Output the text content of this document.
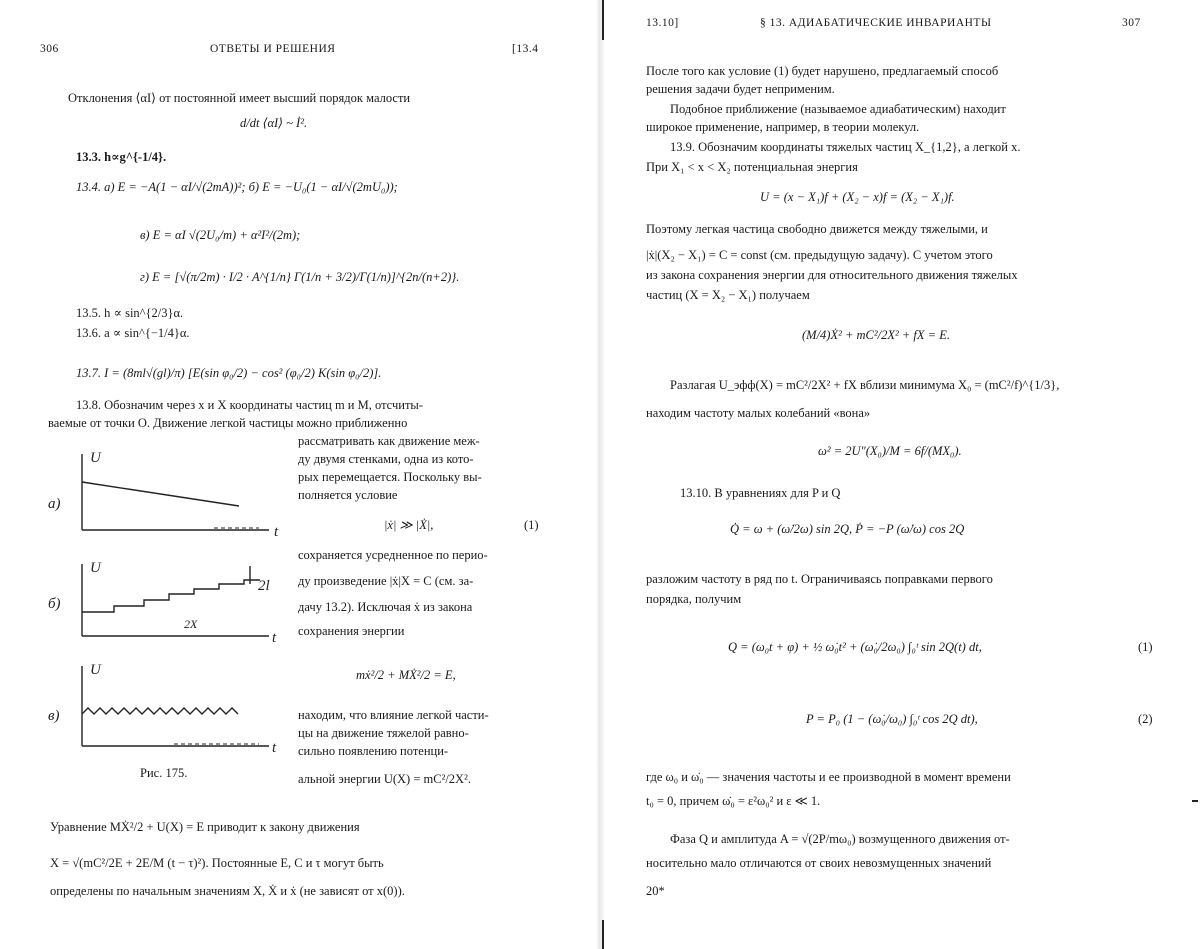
306	ОТВЕТЫ И РЕШЕНИЯ	[13.4
Отклонения ⟨αI⟩ от постоянной имеет высший порядок малости
d/dt ⟨αI⟩ ~ İ².
13.3. h∝g^{-1/4}.
13.4. а) E = −A(1 − αI/√(2mA))²; б) E = −U₀(1 − αI/√(2mU₀));
в) E = αI √(2U₀/m) + α²I²/(2m);
г) E = [√(π/2m) · I/2 · A^{1/n} Γ(1/n + 3/2)/Γ(1/n)]^{2n/(n+2)}.
13.5. h ∝ sin^{2/3}α.
13.6. a ∝ sin^{−1/4}α.
13.7. I = (8ml√(gl)/π) [E(sin φ₀/2) − cos² (φ₀/2) K(sin φ₀/2)].
13.8. Обозначим через x и X координаты частиц m и M, отсчиты-
ваемые от точки O. Движение легкой частицы можно приближенно
рассматривать как движение меж-
ду двумя стенками, одна из кото-
рых перемещается. Поскольку вы-
полняется условие
|ẋ| ≫ |Ẋ|,	(1)
сохраняется усредненное по перио-
ду произведение |ẋ|X = C (см. за-
дачу 13.2). Исключая ẋ из закона
сохранения энергии
mẋ²/2 + MẊ²/2 = E,
находим, что влияние легкой части-
цы на движение тяжелой равно-
сильно появлению потенци-
альной энергии U(X) = mC²/2X².
Рис. 175.
Уравнение MẊ²/2 + U(X) = E приводит к закону движения
X = √(mC²/2E + 2E/M (t − τ)²). Постоянные E, C и τ могут быть
определены по начальным значениям X, Ẋ и ẋ (не зависят от x(0)).
а)
U
t
б)
U
t
2l
2X
в)
U
t
13.10]	§ 13. АДИАБАТИЧЕСКИЕ ИНВАРИАНТЫ	307
После того как условие (1) будет нарушено, предлагаемый способ
решения задачи будет неприменим.
Подобное приближение (называемое адиабатическим) находит
широкое применение, например, в теории молекул.
13.9. Обозначим координаты тяжелых частиц X_{1,2}, а легкой x.
При X₁ < x < X₂ потенциальная энергия
U = (x − X₁)f + (X₂ − x)f = (X₂ − X₁)f.
Поэтому легкая частица свободно движется между тяжелыми, и
|ẋ|(X₂ − X₁) = C = const (см. предыдущую задачу). С учетом этого
из закона сохранения энергии для относительного движения тяжелых
частиц (X = X₂ − X₁) получаем
(M/4)Ẋ² + mC²/2X² + fX = E.
Разлагая U_эфф(X) = mC²/2X² + fX вблизи минимума X₀ = (mC²/f)^{1/3},
находим частоту малых колебаний «вона»
ω² = 2U″(X₀)/M = 6f/(MX₀).
13.10. В уравнениях для P и Q
Q̇ = ω + (ω̇/2ω) sin 2Q, Ṗ = −P (ω̇/ω) cos 2Q
разложим частоту в ряд по t. Ограничиваясь поправками первого
порядка, получим
Q = (ω₀t + φ) + ½ ω̇₀t² + (ω̇₀/2ω₀) ∫₀ᵗ sin 2Q(t) dt,	(1)
P = P₀ (1 − (ω̇₀/ω₀) ∫₀ᵗ cos 2Q dt),	(2)
где ω₀ и ω̇₀ — значения частоты и ее производной в момент времени
t₀ = 0, причем ω̇₀ = ε²ω₀² и ε ≪ 1.
Фаза Q и амплитуда A = √(2P/mω₀) возмущенного движения от-
носительно мало отличаются от своих невозмущенных значений
20*
